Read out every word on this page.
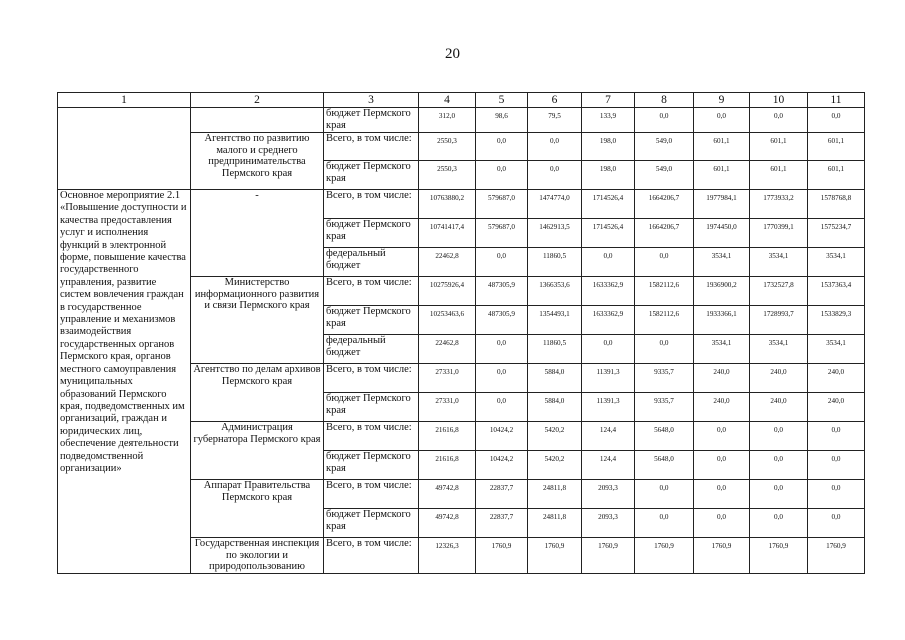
20
1	2	3	4	5	6	7	8	9	10	11
		бюджет Пермского края	312,0	98,6	79,5	133,9	0,0	0,0	0,0	0,0
	Агентство по развитию малого и среднего предпринимательства Пермского края	Всего, в том числе:	2550,3	0,0	0,0	198,0	549,0	601,1	601,1	601,1
		бюджет Пермского края	2550,3	0,0	0,0	198,0	549,0	601,1	601,1	601,1
Основное мероприятие 2.1 «Повышение доступности и качества предоставления услуг и исполнения функций в электронной форме, повышение качества государственного управления, развитие систем вовлечения граждан в государственное управление и механизмов взаимодействия государственных органов Пермского края, органов местного самоуправления муниципальных образований Пермского края, подведомственных им организаций, граждан и юридических лиц, обеспечение деятельности подведомственной организации»	-	Всего, в том числе:	10763880,2	579687,0	1474774,0	1714526,4	1664206,7	1977984,1	1773933,2	1578768,8
		бюджет Пермского края	10741417,4	579687,0	1462913,5	1714526,4	1664206,7	1974450,0	1770399,1	1575234,7
		федеральный бюджет	22462,8	0,0	11860,5	0,0	0,0	3534,1	3534,1	3534,1
	Министерство информационного развития и связи Пермского края	Всего, в том числе:	10275926,4	487305,9	1366353,6	1633362,9	1582112,6	1936900,2	1732527,8	1537363,4
		бюджет Пермского края	10253463,6	487305,9	1354493,1	1633362,9	1582112,6	1933366,1	1728993,7	1533829,3
		федеральный бюджет	22462,8	0,0	11860,5	0,0	0,0	3534,1	3534,1	3534,1
	Агентство по делам архивов Пермского края	Всего, в том числе:	27331,0	0,0	5884,0	11391,3	9335,7	240,0	240,0	240,0
		бюджет Пермского края	27331,0	0,0	5884,0	11391,3	9335,7	240,0	240,0	240,0
	Администрация губернатора Пермского края	Всего, в том числе:	21616,8	10424,2	5420,2	124,4	5648,0	0,0	0,0	0,0
		бюджет Пермского края	21616,8	10424,2	5420,2	124,4	5648,0	0,0	0,0	0,0
	Аппарат Правительства Пермского края	Всего, в том числе:	49742,8	22837,7	24811,8	2093,3	0,0	0,0	0,0	0,0
		бюджет Пермского края	49742,8	22837,7	24811,8	2093,3	0,0	0,0	0,0	0,0
	Государственная инспекция по экологии и природопользованию	Всего, в том числе:	12326,3	1760,9	1760,9	1760,9	1760,9	1760,9	1760,9	1760,9
